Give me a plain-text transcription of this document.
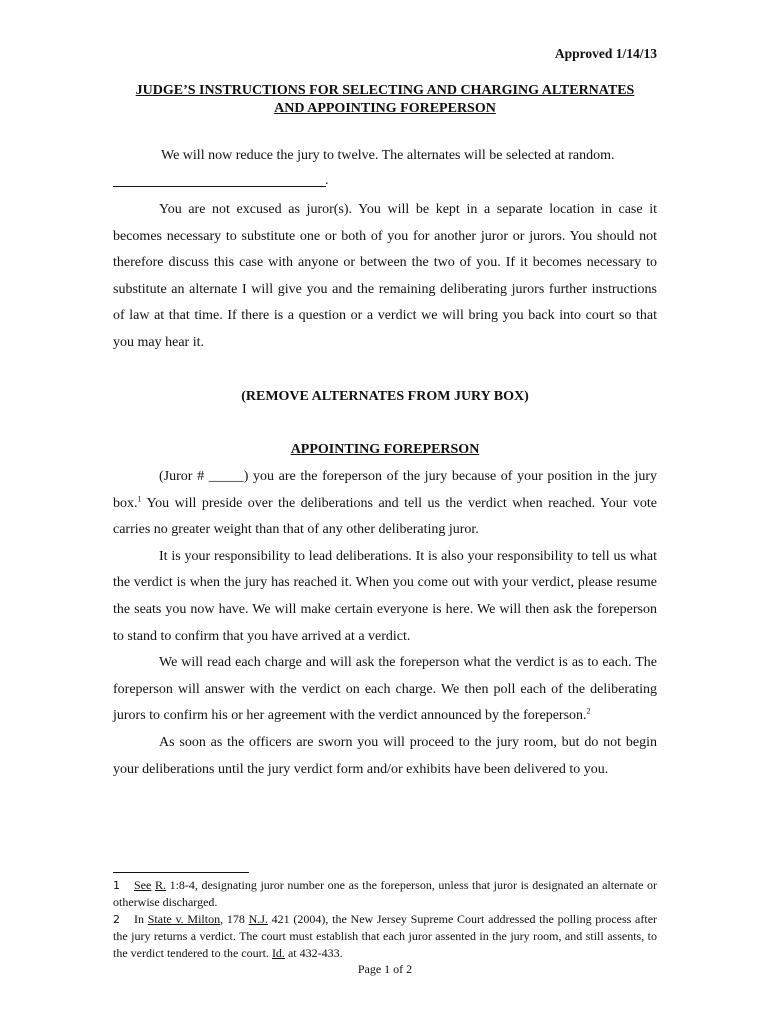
Approved 1/14/13
JUDGE’S INSTRUCTIONS FOR SELECTING AND CHARGING ALTERNATES
AND APPOINTING FOREPERSON

We will now reduce the jury to twelve. The alternates will be selected at random.

.

You are not excused as juror(s). You will be kept in a separate location in case it becomes necessary to substitute one or both of you for another juror or jurors. You should not therefore discuss this case with anyone or between the two of you. If it becomes necessary to substitute an alternate I will give you and the remaining deliberating jurors further instructions of law at that time. If there is a question or a verdict we will bring you back into court so that you may hear it.

(REMOVE ALTERNATES FROM JURY BOX)
APPOINTING FOREPERSON

(Juror # _____) you are the foreperson of the jury because of your position in the jury box.$^1$ You will preside over the deliberations and tell us the verdict when reached. Your vote carries no greater weight than that of any other deliberating juror.

It is your responsibility to lead deliberations. It is also your responsibility to tell us what the verdict is when the jury has reached it. When you come out with your verdict, please resume the seats you now have. We will make certain everyone is here. We will then ask the foreperson to stand to confirm that you have arrived at a verdict.

We will read each charge and will ask the foreperson what the verdict is as to each. The foreperson will answer with the verdict on each charge. We then poll each of the deliberating jurors to confirm his or her agreement with the verdict announced by the foreperson.$^2$

As soon as the officers are sworn you will proceed to the jury room, but do not begin your deliberations until the jury verdict form and/or exhibits have been delivered to you.

1 See R. 1:8-4, designating juror number one as the foreperson, unless that juror is designated an alternate or otherwise discharged.

2 In State v. Milton, 178 N.J. 421 (2004), the New Jersey Supreme Court addressed the polling process after the jury returns a verdict. The court must establish that each juror assented in the jury room, and still assents, to the verdict tendered to the court. Id. at 432-433.

Page 1 of 2
